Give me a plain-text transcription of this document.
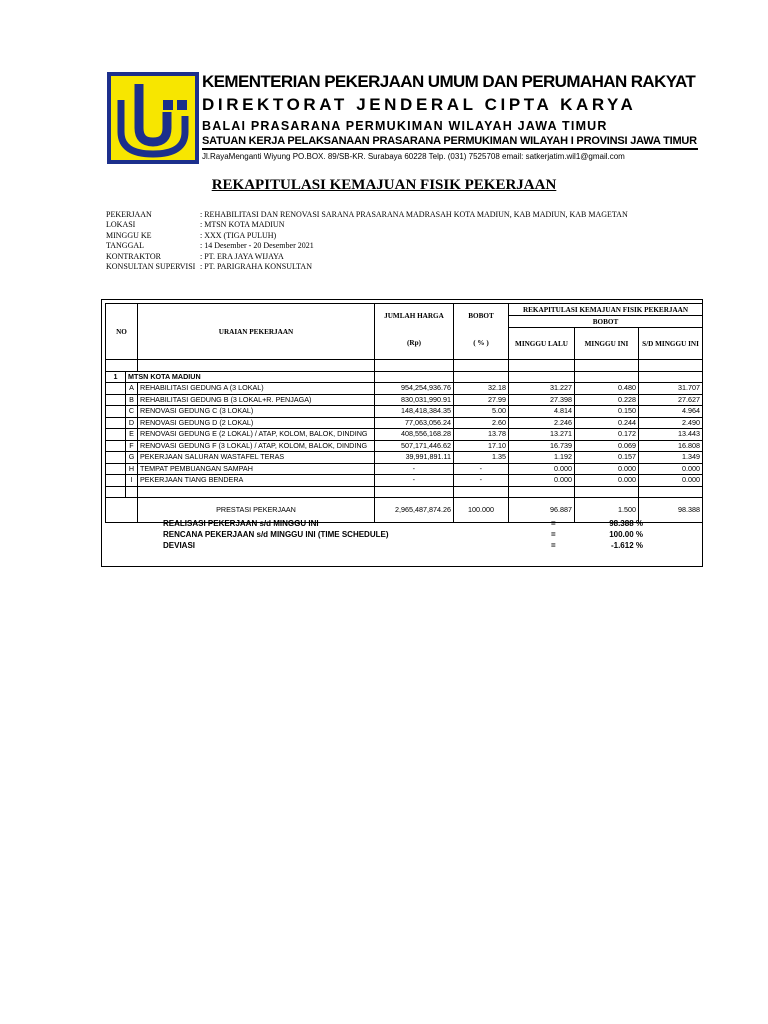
KEMENTERIAN PEKERJAAN UMUM DAN PERUMAHAN RAKYAT
DIREKTORAT JENDERAL CIPTA KARYA
BALAI PRASARANA PERMUKIMAN WILAYAH JAWA TIMUR
SATUAN KERJA PELAKSANAAN PRASARANA PERMUKIMAN WILAYAH I PROVINSI JAWA TIMUR
Jl.RayaMenganti Wiyung PO.BOX. 89/SB-KR. Surabaya 60228 Telp. (031) 7525708 email: satkerjatim.wil1@gmail.com
REKAPITULASI KEMAJUAN FISIK PEKERJAAN
PEKERJAAN	: REHABILITASI DAN RENOVASI SARANA PRASARANA MADRASAH KOTA MADIUN, KAB MADIUN, KAB MAGETAN
LOKASI	: MTSN KOTA MADIUN
MINGGU KE	: XXX (TIGA PULUH)
TANGGAL	: 14 Desember - 20 Desember 2021
KONTRAKTOR	: PT. ERA JAYA WIJAYA
KONSULTAN SUPERVISI : PT. PARIGRAHA KONSULTAN
NO		URAIAN PEKERJAAN	JUMLAH HARGA	BOBOT	REKAPITULASI KEMAJUAN FISIK PEKERJAAN		
					BOBOT		
			(Rp)	( % )	MINGGU LALU	MINGGU INI	S/D MINGGU INI

1	MTSN KOTA MADIUN						
	A	REHABILITASI GEDUNG A (3 LOKAL)	954,254,936.76	32.18	31.227	0.480	31.707
	B	REHABILITASI GEDUNG B (3 LOKAL+R. PENJAGA)	830,031,990.91	27.99	27.398	0.228	27.627
	C	RENOVASI GEDUNG C (3 LOKAL)	148,418,384.35	5.00	4.814	0.150	4.964
	D	RENOVASI GEDUNG D (2 LOKAL)	77,063,056.24	2.60	2.246	0.244	2.490
	E	RENOVASI GEDUNG E (2 LOKAL) / ATAP, KOLOM, BALOK, DINDING	408,556,168.28	13.78	13.271	0.172	13.443
	F	RENOVASI GEDUNG F (3 LOKAL) / ATAP, KOLOM, BALOK, DINDING	507,171,446.62	17.10	16.739	0.069	16.808
	G	PEKERJAAN SALURAN WASTAFEL TERAS	39,991,891.11	1.35	1.192	0.157	1.349
	H	TEMPAT PEMBUANGAN SAMPAH	-	-	0.000	0.000	0.000
	I	PEKERJAAN TIANG BENDERA	-	-	0.000	0.000	0.000

		PRESTASI PEKERJAAN	2,965,487,874.26	100.000	96.887	1.500	98.388
REALISASI PEKERJAAN s/d MINGGU INI	=	98.388 %
RENCANA PEKERJAAN s/d MINGGU INI (TIME SCHEDULE)	=	100.00 %
DEVIASI	=	-1.612 %
